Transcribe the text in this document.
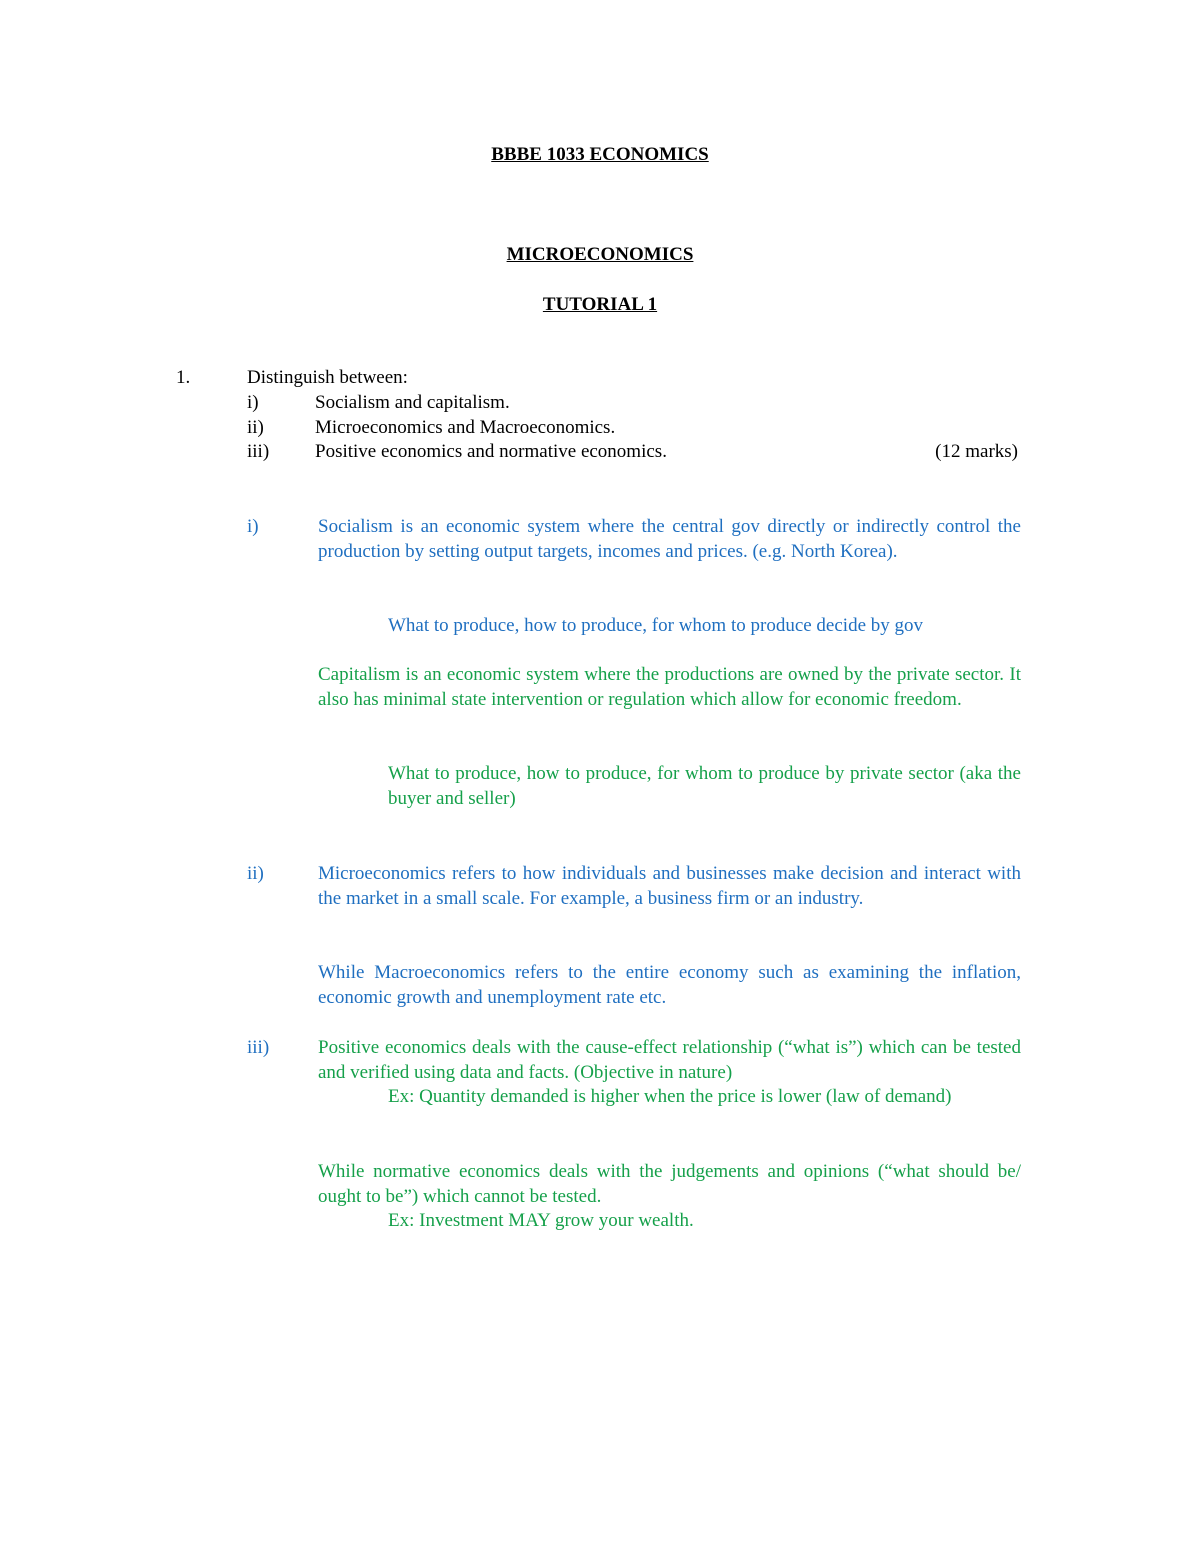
BBBE 1033 ECONOMICS
MICROECONOMICS
TUTORIAL 1
1.	Distinguish between:
i)	Socialism and capitalism.
ii)	Microeconomics and Macroeconomics.
iii) Positive economics and normative economics.	(12 marks)
i)	Socialism is an economic system where the central gov directly or indirectly control the production by setting output targets, incomes and prices. (e.g. North Korea).
What to produce, how to produce, for whom to produce decide by gov
Capitalism is an economic system where the productions are owned by the private sector. It also has minimal state intervention or regulation which allow for economic freedom.
What to produce, how to produce, for whom to produce by private sector (aka the buyer and seller)
ii)	Microeconomics refers to how individuals and businesses make decision and interact with the market in a small scale. For example, a business firm or an industry.
While Macroeconomics refers to the entire economy such as examining the inflation, economic growth and unemployment rate etc.
iii)	Positive economics deals with the cause-effect relationship (“what is”) which can be tested and verified using data and facts. (Objective in nature)
Ex: Quantity demanded is higher when the price is lower (law of demand)
While normative economics deals with the judgements and opinions (“what should be/ ought to be”) which cannot be tested.
Ex: Investment MAY grow your wealth.
